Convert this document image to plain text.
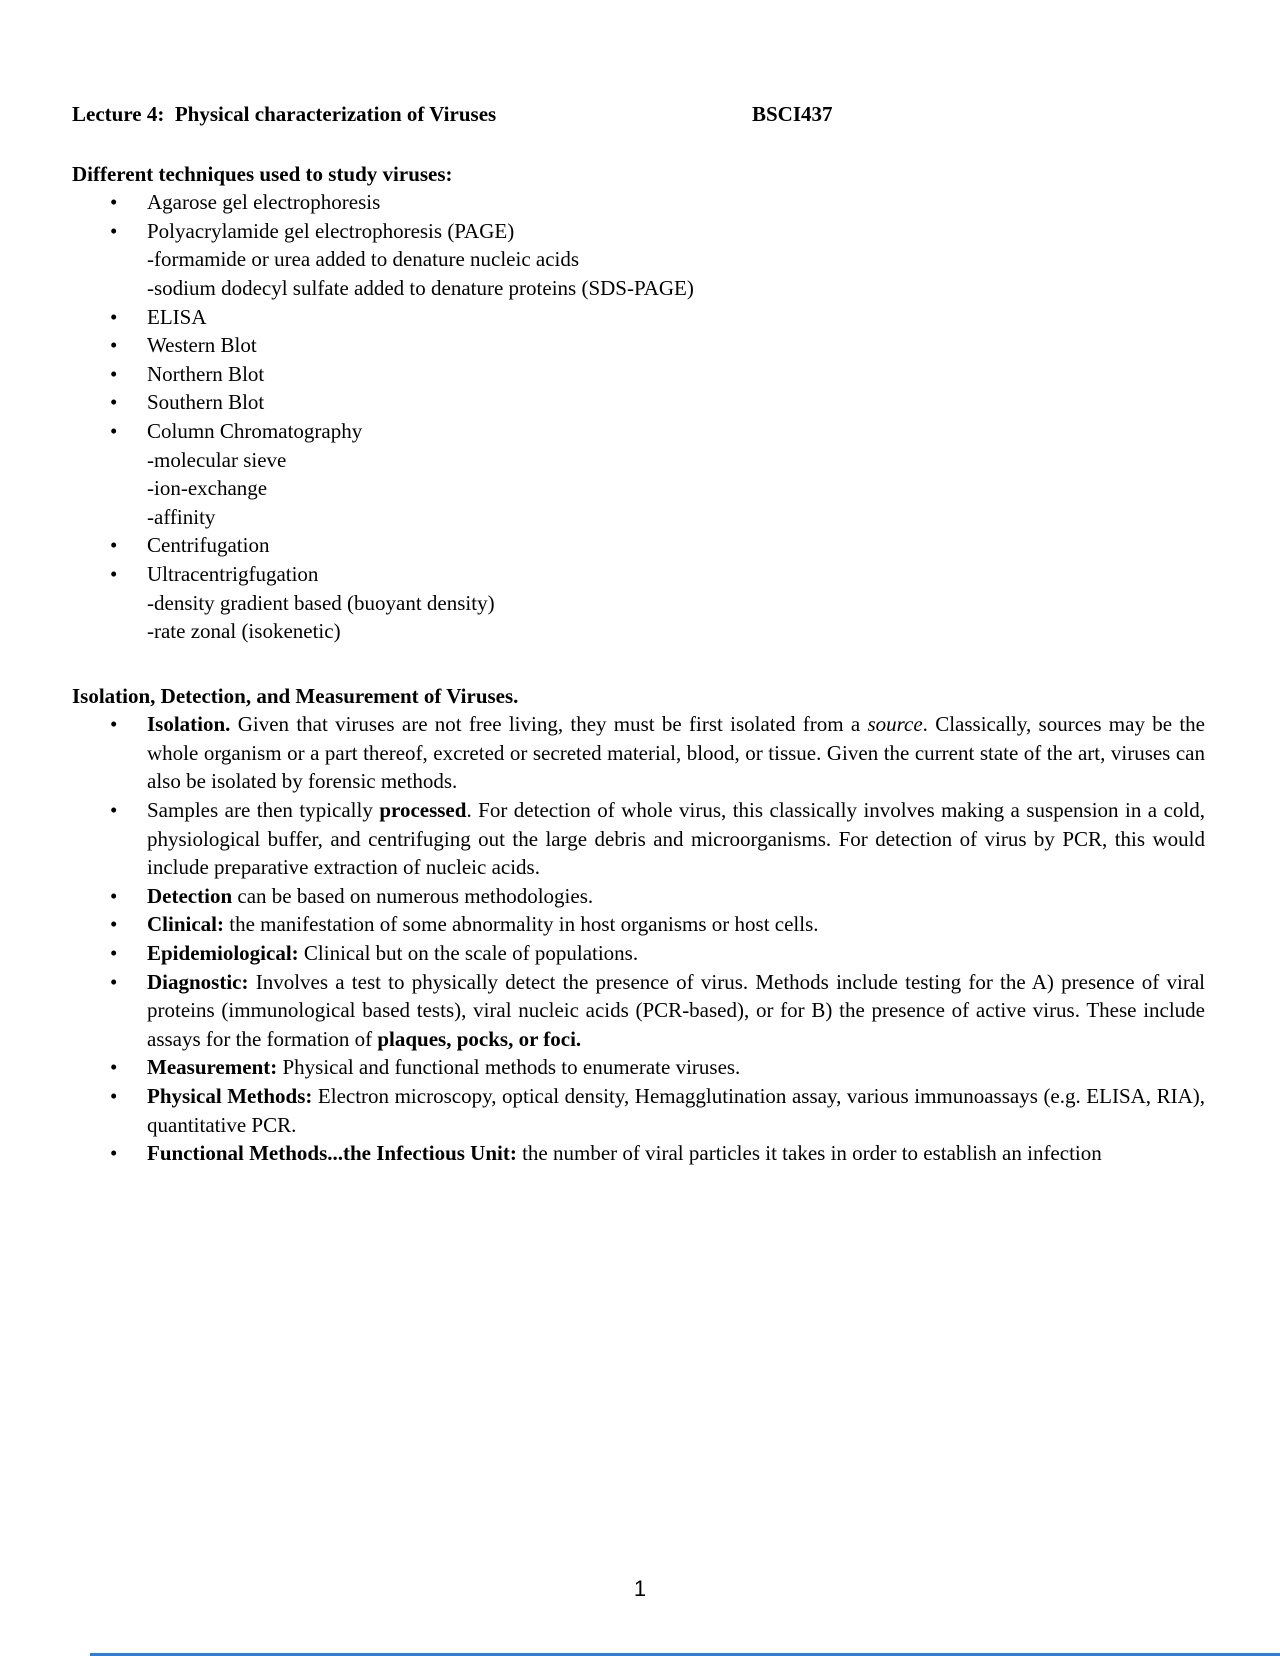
Lecture 4:  Physical characterization of Viruses	BSCI437
Different techniques used to study viruses:
•	Agarose gel electrophoresis
•	Polyacrylamide gel electrophoresis (PAGE)
-formamide or urea added to denature nucleic acids
-sodium dodecyl sulfate added to denature proteins (SDS-PAGE)
•	ELISA
•	Western Blot
•	Northern Blot
•	Southern Blot
•	Column Chromatography
-molecular sieve
-ion-exchange
-affinity
•	Centrifugation
•	Ultracentrigfugation
-density gradient based (buoyant density)
-rate zonal (isokenetic)
Isolation, Detection, and Measurement of Viruses.
•	Isolation. Given that viruses are not free living, they must be first isolated from a source. Classically, sources may be the whole organism or a part thereof, excreted or secreted material, blood, or tissue. Given the current state of the art, viruses can also be isolated by forensic methods.
•	Samples are then typically processed. For detection of whole virus, this classically involves making a suspension in a cold, physiological buffer, and centrifuging out the large debris and microorganisms. For detection of virus by PCR, this would include preparative extraction of nucleic acids.
•	Detection can be based on numerous methodologies.
•	Clinical: the manifestation of some abnormality in host organisms or host cells.
•	Epidemiological: Clinical but on the scale of populations.
•	Diagnostic: Involves a test to physically detect the presence of virus. Methods include testing for the A) presence of viral proteins (immunological based tests), viral nucleic acids (PCR-based), or for B) the presence of active virus. These include assays for the formation of plaques, pocks, or foci.
•	Measurement: Physical and functional methods to enumerate viruses.
•	Physical Methods: Electron microscopy, optical density, Hemagglutination assay, various immunoassays (e.g. ELISA, RIA), quantitative PCR.
•	Functional Methods...the Infectious Unit: the number of viral particles it takes in order to establish an infection
1
